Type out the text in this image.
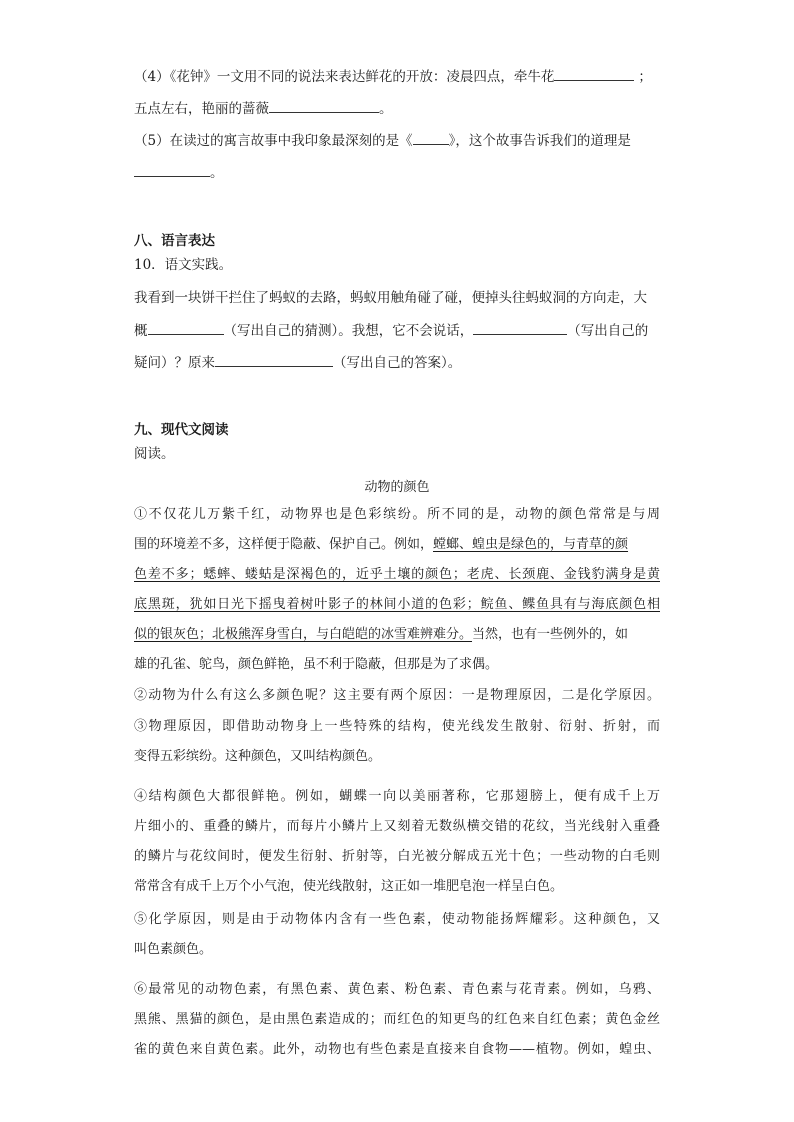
（4）《花钟》一文用不同的说法来表达鲜花的开放：凌晨四点，牵牛花	；
五点左右，艳丽的蔷薇	。
（5）在读过的寓言故事中我印象最深刻的是《	》，这个故事告诉我们的道理是
。
八、语言表达
10．语文实践。
我看到一块饼干拦住了蚂蚁的去路，蚂蚁用触角碰了碰，便掉头往蚂蚁洞的方向走，大
概	（写出自己的猜测）。我想，它不会说话，	（写出自己的
疑问）？原来	（写出自己的答案）。
九、现代文阅读
阅读。
动物的颜色
①不仅花儿万紫千红，动物界也是色彩缤纷。所不同的是，动物的颜色常常是与周
围的环境差不多，这样便于隐蔽、保护自己。例如，螳螂、蝗虫是绿色的，与青草的颜
色差不多；蟋蟀、蝼蛄是深褐色的，近乎土壤的颜色；老虎、长颈鹿、金钱豹满身是黄
底黑斑，犹如日光下摇曳着树叶影子的林间小道的色彩；鲩鱼、鲽鱼具有与海底颜色相
似的银灰色；北极熊浑身雪白，与白皑皑的冰雪难辨难分。当然，也有一些例外的，如
雄的孔雀、鸵鸟，颜色鲜艳，虽不利于隐蔽，但那是为了求偶。
②动物为什么有这么多颜色呢？这主要有两个原因：一是物理原因，二是化学原因。
③物理原因，即借助动物身上一些特殊的结构，使光线发生散射、衍射、折射，而
变得五彩缤纷。这种颜色，又叫结构颜色。
④结构颜色大都很鲜艳。例如，蝴蝶一向以美丽著称，它那翅膀上，便有成千上万
片细小的、重叠的鳞片，而每片小鳞片上又刻着无数纵横交错的花纹，当光线射入重叠
的鳞片与花纹间时，便发生衍射、折射等，白光被分解成五光十色；一些动物的白毛则
常常含有成千上万个小气泡，使光线散射，这正如一堆肥皂泡一样呈白色。
⑤化学原因，则是由于动物体内含有一些色素，使动物能扬辉耀彩。这种颜色，又
叫色素颜色。
⑥最常见的动物色素，有黑色素、黄色素、粉色素、青色素与花青素。例如，乌鸦、
黑熊、黑猫的颜色，是由黑色素造成的；而红色的知更鸟的红色来自红色素；黄色金丝
雀的黄色来自黄色素。此外，动物也有些色素是直接来自食物——植物。例如，蝗虫、
